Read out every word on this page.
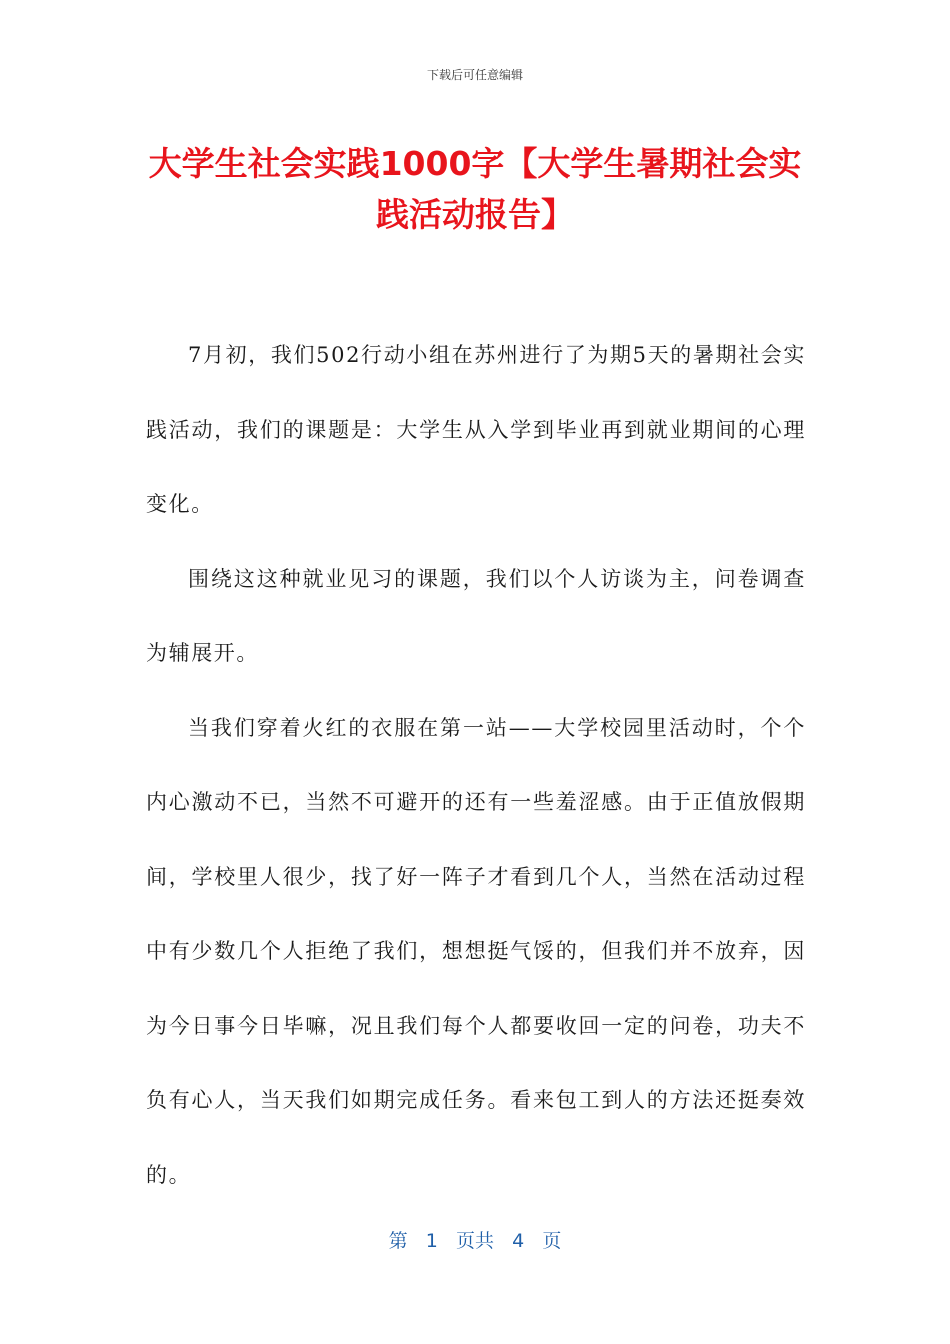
下载后可任意编辑
大学生社会实践1000字【大学生暑期社会实践活动报告】

7月初，我们502行动小组在苏州进行了为期5天的暑期社会实践活动，我们的课题是：大学生从入学到毕业再到就业期间的心理变化。

围绕这这种就业见习的课题，我们以个人访谈为主，问卷调查为辅展开。

当我们穿着火红的衣服在第一站——大学校园里活动时，个个内心激动不已，当然不可避开的还有一些羞涩感。由于正值放假期间，学校里人很少，找了好一阵子才看到几个人，当然在活动过程中有少数几个人拒绝了我们，想想挺气馁的，但我们并不放弃，因为今日事今日毕嘛，况且我们每个人都要收回一定的问卷，功夫不负有心人，当天我们如期完成任务。看来包工到人的方法还挺奏效的。

第 1 页共 4 页
